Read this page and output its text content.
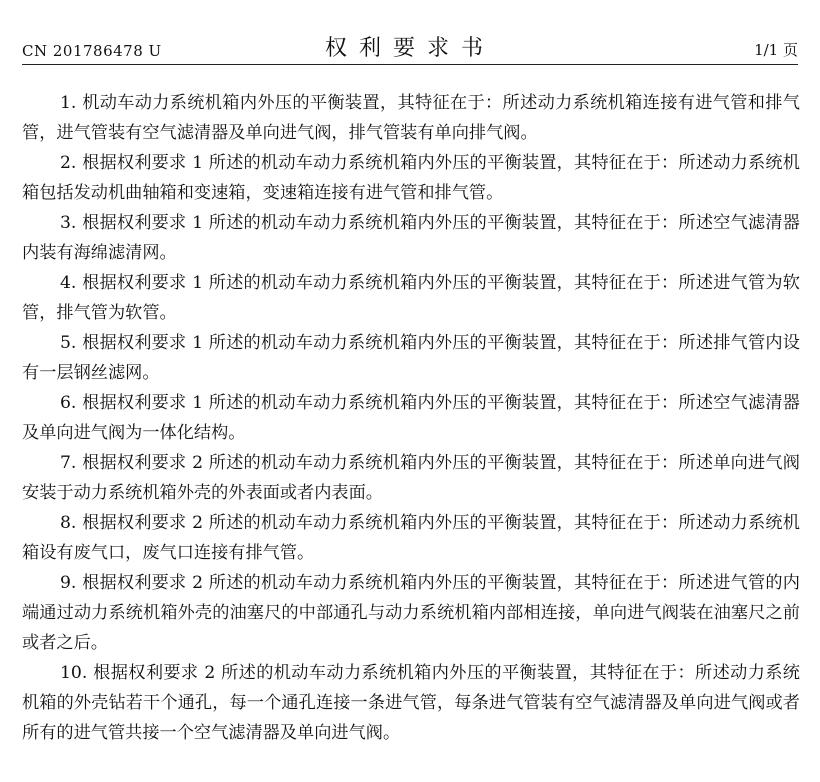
CN 201786478 U	权利要求书	1/1 页

1. 机动车动力系统机箱内外压的平衡装置，其特征在于：所述动力系统机箱连接有进气管和排气管，进气管装有空气滤清器及单向进气阀，排气管装有单向排气阀。

2. 根据权利要求 1 所述的机动车动力系统机箱内外压的平衡装置，其特征在于：所述动力系统机箱包括发动机曲轴箱和变速箱，变速箱连接有进气管和排气管。

3. 根据权利要求 1 所述的机动车动力系统机箱内外压的平衡装置，其特征在于：所述空气滤清器内装有海绵滤清网。

4. 根据权利要求 1 所述的机动车动力系统机箱内外压的平衡装置，其特征在于：所述进气管为软管，排气管为软管。

5. 根据权利要求 1 所述的机动车动力系统机箱内外压的平衡装置，其特征在于：所述排气管内设有一层钢丝滤网。

6. 根据权利要求 1 所述的机动车动力系统机箱内外压的平衡装置，其特征在于：所述空气滤清器及单向进气阀为一体化结构。

7. 根据权利要求 2 所述的机动车动力系统机箱内外压的平衡装置，其特征在于：所述单向进气阀安装于动力系统机箱外壳的外表面或者内表面。

8. 根据权利要求 2 所述的机动车动力系统机箱内外压的平衡装置，其特征在于：所述动力系统机箱设有废气口，废气口连接有排气管。

9. 根据权利要求 2 所述的机动车动力系统机箱内外压的平衡装置，其特征在于：所述进气管的内端通过动力系统机箱外壳的油塞尺的中部通孔与动力系统机箱内部相连接，单向进气阀装在油塞尺之前或者之后。

10. 根据权利要求 2 所述的机动车动力系统机箱内外压的平衡装置，其特征在于：所述动力系统机箱的外壳钻若干个通孔，每一个通孔连接一条进气管，每条进气管装有空气滤清器及单向进气阀或者所有的进气管共接一个空气滤清器及单向进气阀。
